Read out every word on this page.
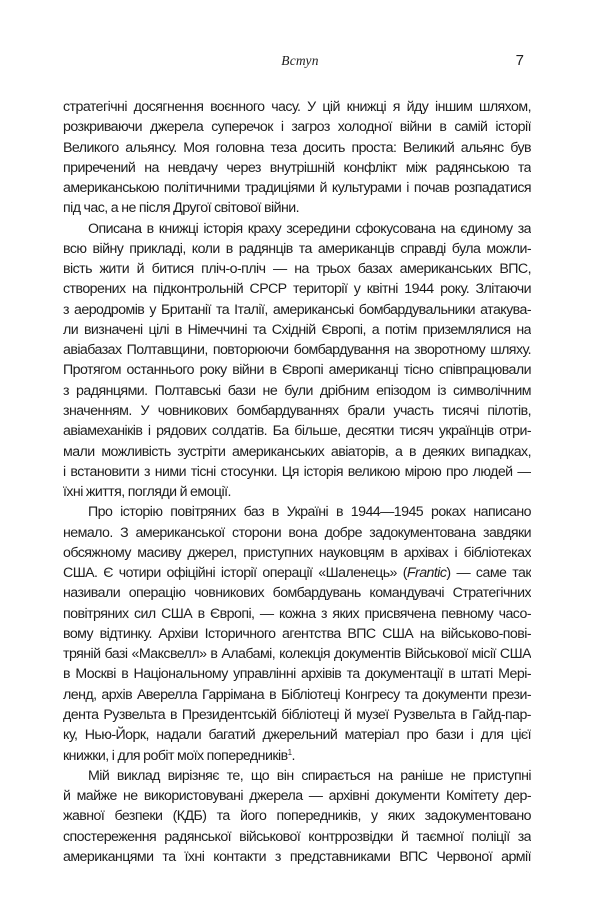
Вступ	7
стратегічні досягнення воєнного часу. У цій книжці я йду іншим шляхом,
розкриваючи джерела суперечок і загроз холодної війни в самій історії
Великого альянсу. Моя головна теза досить проста: Великий альянс був
приречений на невдачу через внутрішній конфлікт між радянською та
американською політичними традиціями й культурами і почав розпадатися
під час, а не після Другої світової війни.
Описана в книжці історія краху зсередини сфокусована на єдиному за
всю війну прикладі, коли в радянців та американців справді була можли-
вість жити й битися пліч-о-пліч — на трьох базах американських ВПС,
створених на підконтрольній СРСР території у квітні 1944 року. Злітаючи
з аеродромів у Британії та Італії, американські бомбардувальники атакува-
ли визначені цілі в Німеччині та Східній Європі, а потім приземлялися на
авіабазах Полтавщини, повторюючи бомбардування на зворотному шляху.
Протягом останнього року війни в Європі американці тісно співпрацювали
з радянцями. Полтавські бази не були дрібним епізодом із символічним
значенням. У човникових бомбардуваннях брали участь тисячі пілотів,
авіамеханіків і рядових солдатів. Ба більше, десятки тисяч українців отри-
мали можливість зустріти американських авіаторів, а в деяких випадках,
і встановити з ними тісні стосунки. Ця історія великою мірою про людей —
їхні життя, погляди й емоції.
Про історію повітряних баз в Україні в 1944—1945 роках написано
немало. З американської сторони вона добре задокументована завдяки
обсяжному масиву джерел, приступних науковцям в архівах і бібліотеках
США. Є чотири офіційні історії операції «Шаленець» (Frantic) — саме так
називали операцію човникових бомбардувань командувачі Стратегічних
повітряних сил США в Європі, — кожна з яких присвячена певному часо-
вому відтинку. Архіви Історичного агентства ВПС США на військово-пові-
тряній базі «Максвелл» в Алабамі, колекція документів Військової місії США
в Москві в Національному управлінні архівів та документації в штаті Мері-
ленд, архів Аверелла Гаррімана в Бібліотеці Конгресу та документи прези-
дента Рузвельта в Президентській бібліотеці й музеї Рузвельта в Гайд-пар-
ку, Нью-Йорк, надали багатий джерельний матеріал про бази і для цієї
книжки, і для робіт моїх попередників$^1$.
Мій виклад вирізняє те, що він спирається на раніше не приступні
й майже не використовувані джерела — архівні документи Комітету дер-
жавної безпеки (КДБ) та його попередників, у яких задокументовано
спостереження радянської військової контррозвідки й таємної поліції за
американцями та їхні контакти з представниками ВПС Червоної армії
